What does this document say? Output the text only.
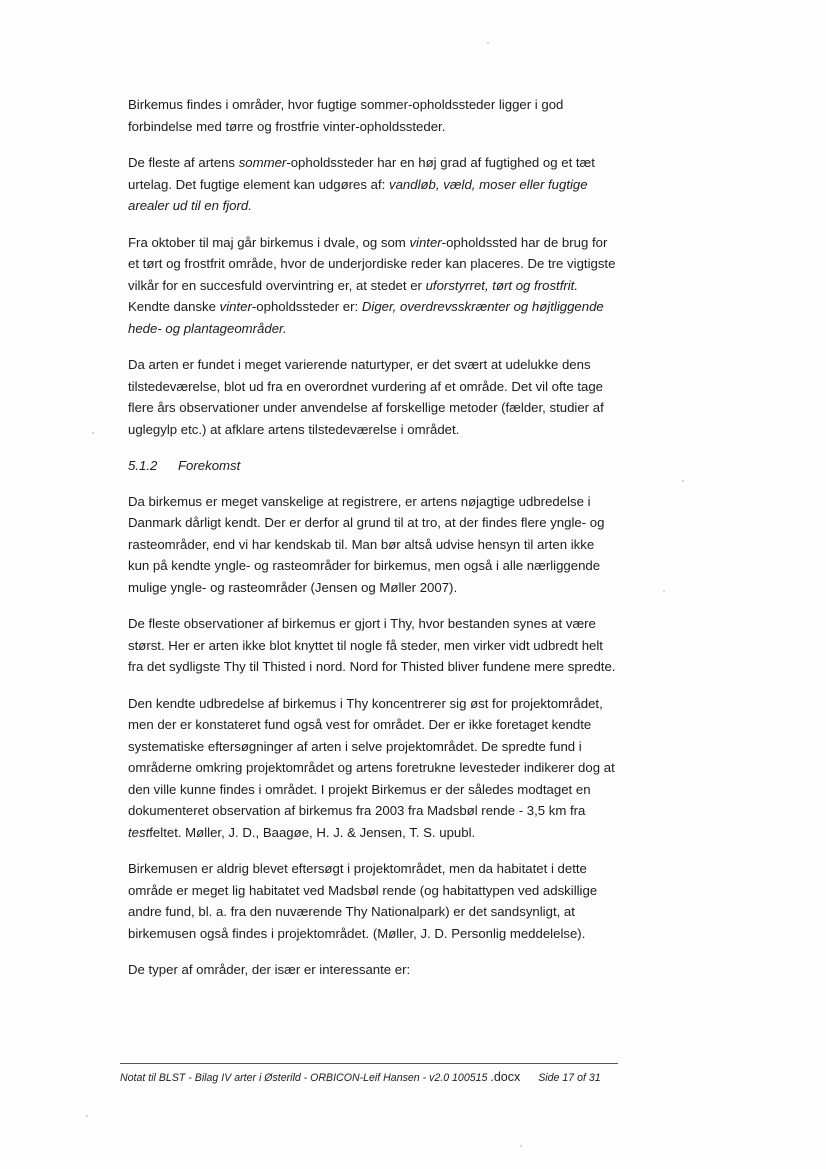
Birkemus findes i områder, hvor fugtige sommer-opholdssteder ligger i god forbindelse med tørre og frostfrie vinter-opholdssteder.

De fleste af artens sommer-opholdssteder har en høj grad af fugtighed og et tæt urtelag. Det fugtige element kan udgøres af: vandløb, væld, moser eller fugtige arealer ud til en fjord.

Fra oktober til maj går birkemus i dvale, og som vinter-opholdssted har de brug for et tørt og frostfrit område, hvor de underjordiske reder kan placeres. De tre vigtigste vilkår for en succesfuld overvintring er, at stedet er uforstyrret, tørt og frostfrit. Kendte danske vinter-opholdssteder er: Diger, overdrevsskrænter og højtliggende hede- og plantageområder.

Da arten er fundet i meget varierende naturtyper, er det svært at udelukke dens tilstedeværelse, blot ud fra en overordnet vurdering af et område. Det vil ofte tage flere års observationer under anvendelse af forskellige metoder (fælder, studier af uglegylp etc.) at afklare artens tilstedeværelse i området.

5.1.2 Forekomst

Da birkemus er meget vanskelige at registrere, er artens nøjagtige udbredelse i Danmark dårligt kendt. Der er derfor al grund til at tro, at der findes flere yngle- og rasteområder, end vi har kendskab til. Man bør altså udvise hensyn til arten ikke kun på kendte yngle- og rasteområder for birkemus, men også i alle nærliggende mulige yngle- og rasteområder (Jensen og Møller 2007).

De fleste observationer af birkemus er gjort i Thy, hvor bestanden synes at være størst. Her er arten ikke blot knyttet til nogle få steder, men virker vidt udbredt helt fra det sydligste Thy til Thisted i nord. Nord for Thisted bliver fundene mere spredte.

Den kendte udbredelse af birkemus i Thy koncentrerer sig øst for projektområdet, men der er konstateret fund også vest for området. Der er ikke foretaget kendte systematiske eftersøgninger af arten i selve projektområdet. De spredte fund i områderne omkring projektområdet og artens foretrukne levesteder indikerer dog at den ville kunne findes i området. I projekt Birkemus er der således modtaget en dokumenteret observation af birkemus fra 2003 fra Madsbøl rende - 3,5 km fra testfeltet. Møller, J. D., Baagøe, H. J. & Jensen, T. S. upubl.

Birkemusen er aldrig blevet eftersøgt i projektområdet, men da habitatet i dette område er meget lig habitatet ved Madsbøl rende (og habitattypen ved adskillige andre fund, bl. a. fra den nuværende Thy Nationalpark) er det sandsynligt, at birkemusen også findes i projektområdet. (Møller, J. D. Personlig meddelelse).

De typer af områder, der især er interessante er:

Notat til BLST - Bilag IV arter i Østerild - ORBICON-Leif Hansen - v2.0 100515 .docx Side 17 of 31
